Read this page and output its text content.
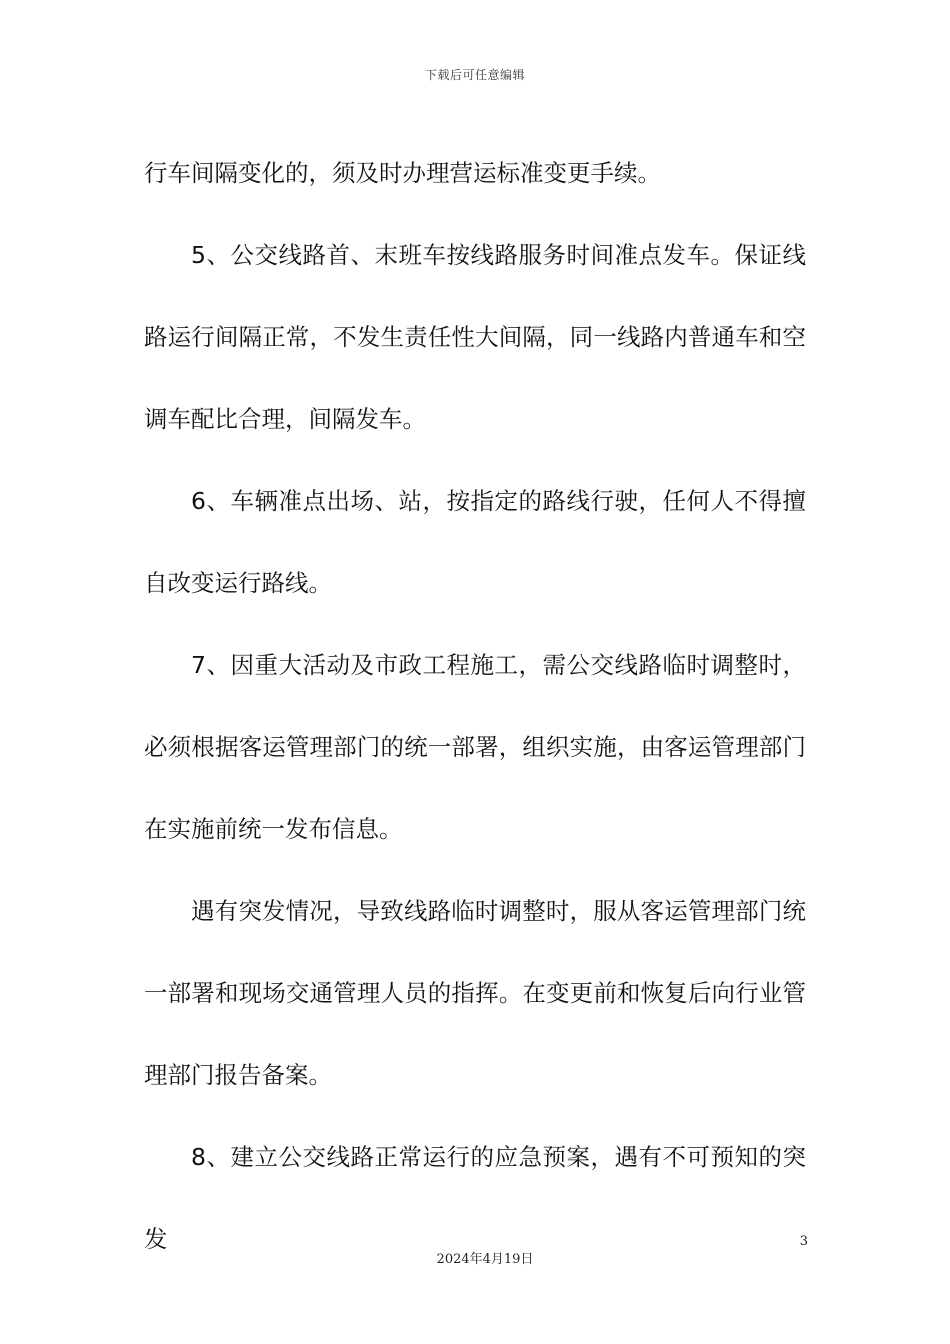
下载后可任意编辑

行车间隔变化的，须及时办理营运标准变更手续。

5、公交线路首、末班车按线路服务时间准点发车。保证线路运行间隔正常，不发生责任性大间隔，同一线路内普通车和空调车配比合理，间隔发车。

6、车辆准点出场、站，按指定的路线行驶，任何人不得擅自改变运行路线。

7、因重大活动及市政工程施工，需公交线路临时调整时，必须根据客运管理部门的统一部署，组织实施，由客运管理部门在实施前统一发布信息。

遇有突发情况，导致线路临时调整时，服从客运管理部门统一部署和现场交通管理人员的指挥。在变更前和恢复后向行业管理部门报告备案。

8、建立公交线路正常运行的应急预案，遇有不可预知的突发	3
2024年4月19日
